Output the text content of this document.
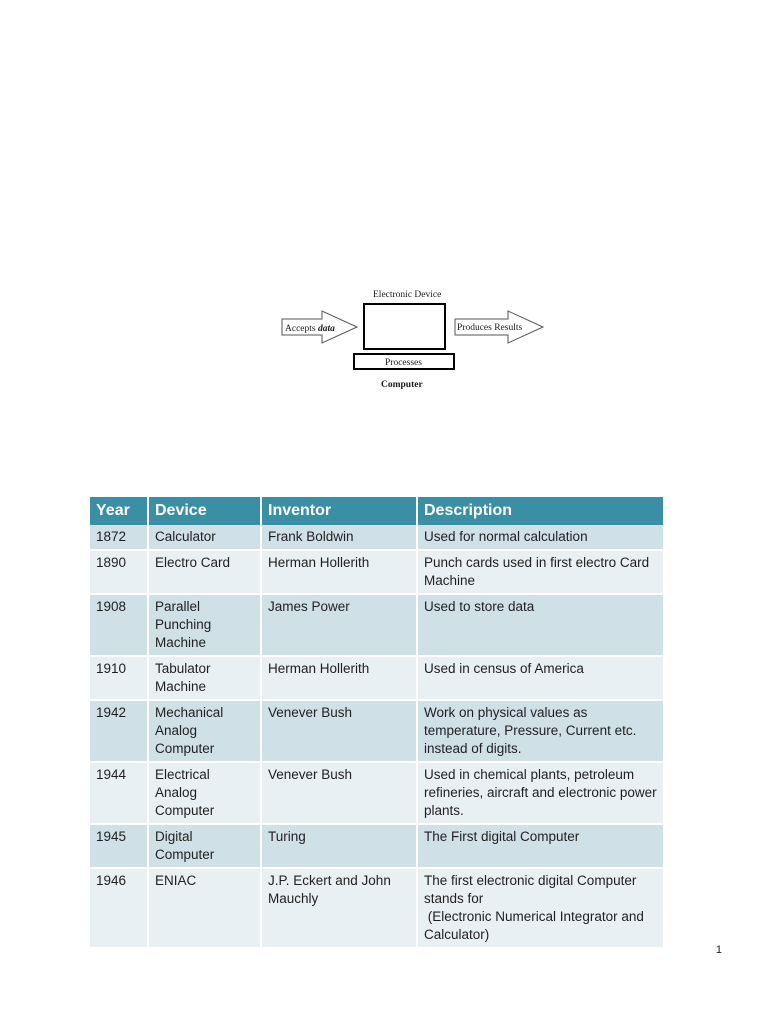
Electronic Device
Accepts data	Produces Results
Processes
Computer
Year	Device	Inventor	Description
1872	Calculator	Frank Boldwin	Used for normal calculation
1890	Electro Card	Herman Hollerith	Punch cards used in first electro Card Machine
1908	Parallel Punching Machine	James Power	Used to store data
1910	Tabulator Machine	Herman Hollerith	Used in census of America
1942	Mechanical Analog Computer	Venever Bush	Work on physical values as temperature, Pressure, Current etc. instead of digits.
1944	Electrical Analog Computer	Venever Bush	Used in chemical plants, petroleum refineries, aircraft and electronic power plants.
1945	Digital Computer	Turing	The First digital Computer
1946	ENIAC	J.P. Eckert and John Mauchly	The first electronic digital Computer stands for
(Electronic Numerical Integrator and Calculator)
1
